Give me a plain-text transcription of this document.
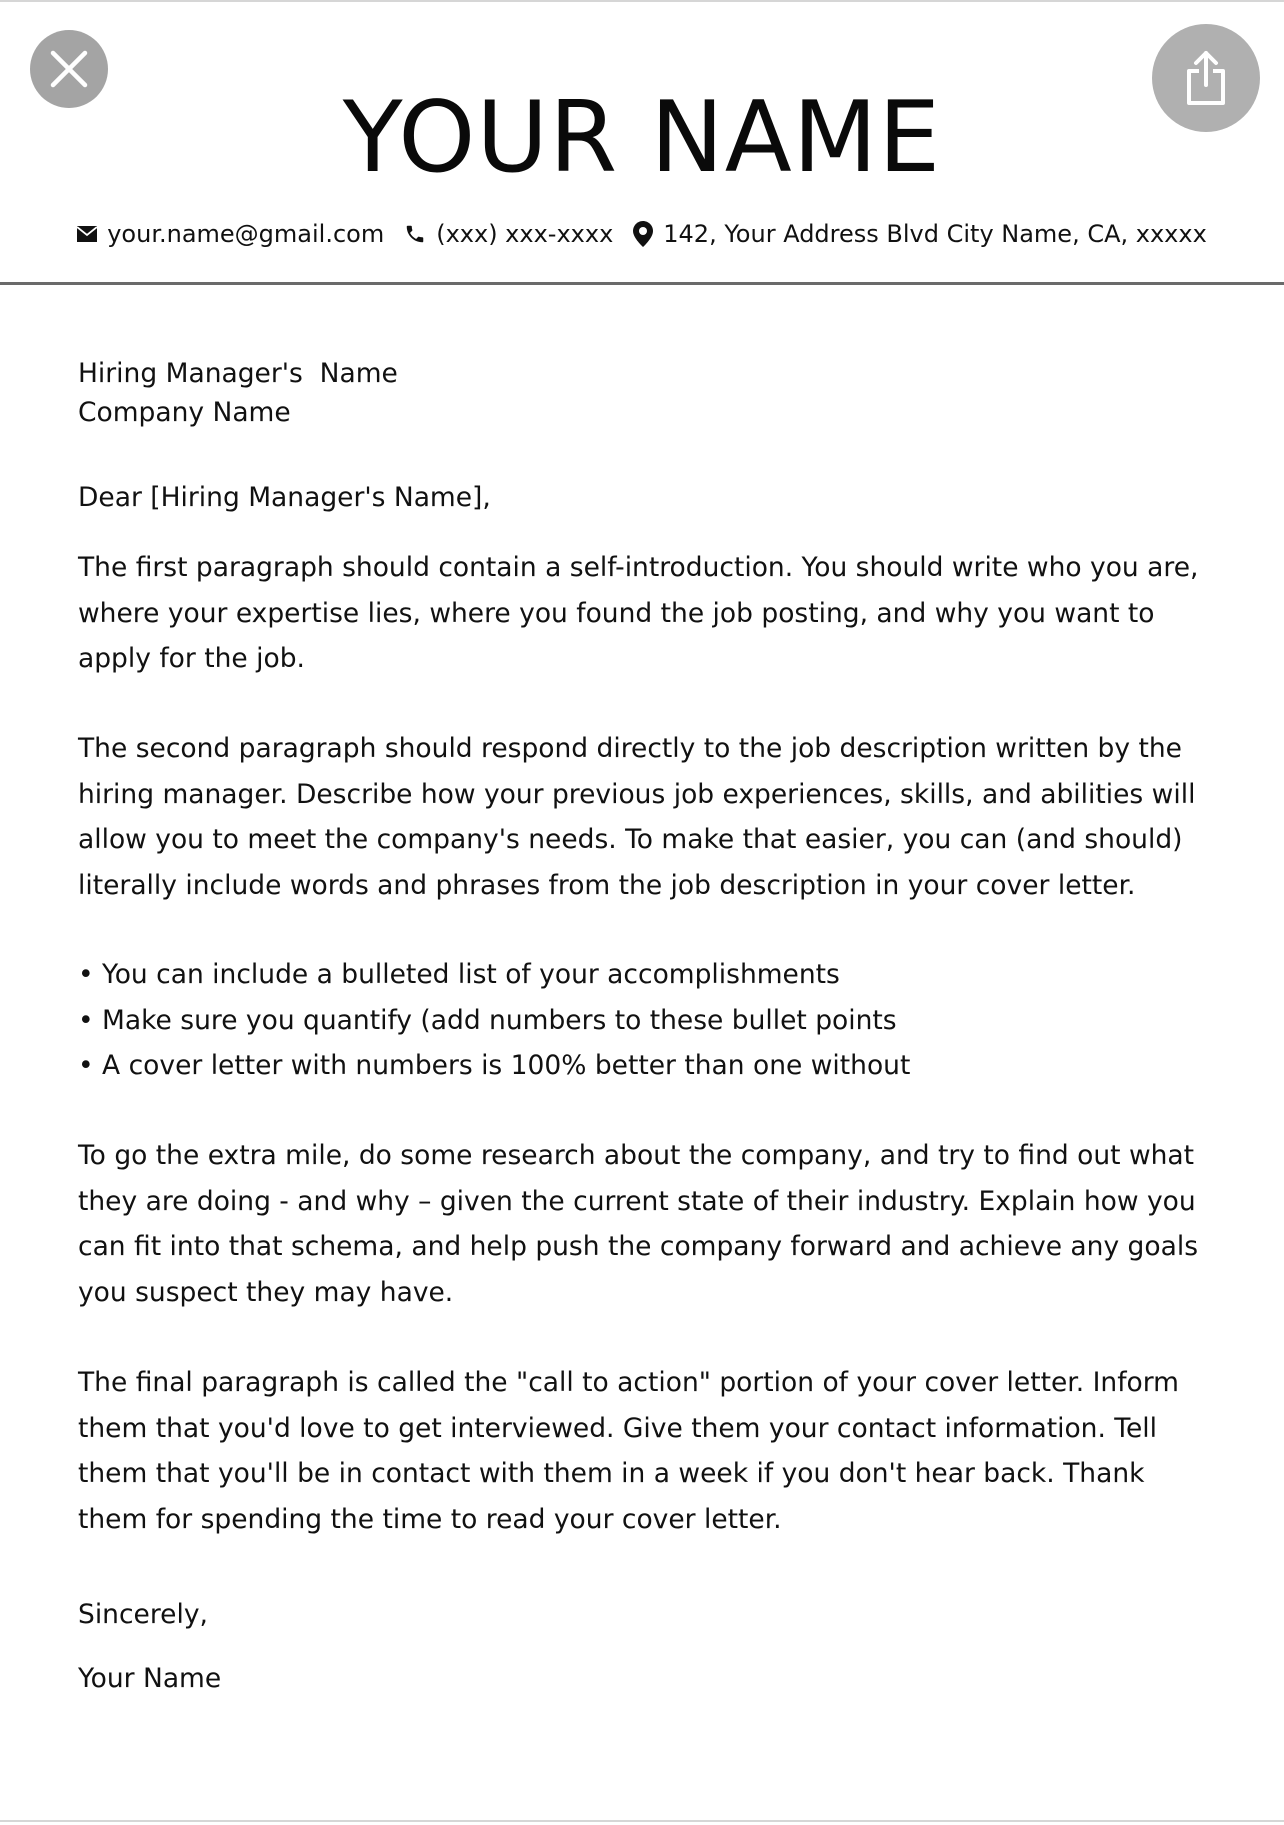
YOUR NAME
your.name@gmail.com (xxx) xxx-xxxx 142, Your Address Blvd City Name, CA, xxxxx
Hiring Manager's  Name
Company Name

Dear [Hiring Manager's Name],

The first paragraph should contain a self-introduction. You should write who you are, where your expertise lies, where you found the job posting, and why you want to apply for the job.

The second paragraph should respond directly to the job description written by the hiring manager. Describe how your previous job experiences, skills, and abilities will allow you to meet the company's needs. To make that easier, you can (and should) literally include words and phrases from the job description in your cover letter.

• You can include a bulleted list of your accomplishments
• Make sure you quantify (add numbers to these bullet points
• A cover letter with numbers is 100% better than one without

To go the extra mile, do some research about the company, and try to find out what they are doing - and why – given the current state of their industry. Explain how you can fit into that schema, and help push the company forward and achieve any goals you suspect they may have.

The final paragraph is called the "call to action" portion of your cover letter. Inform them that you'd love to get interviewed. Give them your contact information. Tell them that you'll be in contact with them in a week if you don't hear back. Thank them for spending the time to read your cover letter.

Sincerely,

Your Name
